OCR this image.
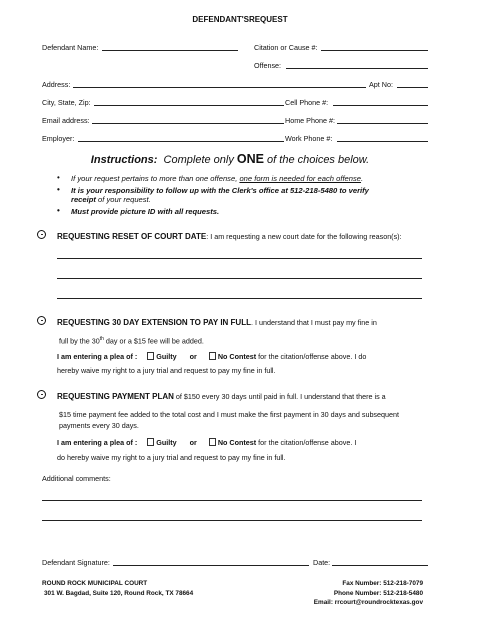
DEFENDANT'SREQUEST
Defendant Name:	Citation or Cause #:
Offense:
Address:	Apt No:
City, State, Zip:	Cell Phone #:
Email address:	Home Phone #:
Employer:	Work Phone #:
Instructions:  Complete only ONE of the choices below.
• If your request pertains to more than one offense, one form is needed for each offense.
• It is your responsibility to follow up with the Clerk's office at 512-218-5480 to verify
receipt of your request.
• Must provide picture ID with all requests.
REQUESTING RESET OF COURT DATE: I am requesting a new court date for the following reason(s):
REQUESTING 30 DAY EXTENSION TO PAY IN FULL. I understand that I must pay my fine in
full by the 30th day or a $15 fee will be added.
I am entering a plea of :	Guilty or	No Contest for the citation/offense above. I do
hereby waive my right to a jury trial and request to pay my fine in full.
REQUESTING PAYMENT PLAN of $150 every 30 days until paid in full. I understand that there is a
$15 time payment fee added to the total cost and I must make the first payment in 30 days and subsequent
payments every 30 days.
I am entering a plea of :	Guilty or	No Contest for the citation/offense above. I
do hereby waive my right to a jury trial and request to pay my fine in full.
Additional comments:
Defendant Signature:	Date:
ROUND ROCK MUNICIPAL COURT
301 W. Bagdad, Suite 120, Round Rock, TX 78664
Fax Number: 512-218-7079
Phone Number: 512-218-5480
Email: rrcourt@roundrocktexas.gov
